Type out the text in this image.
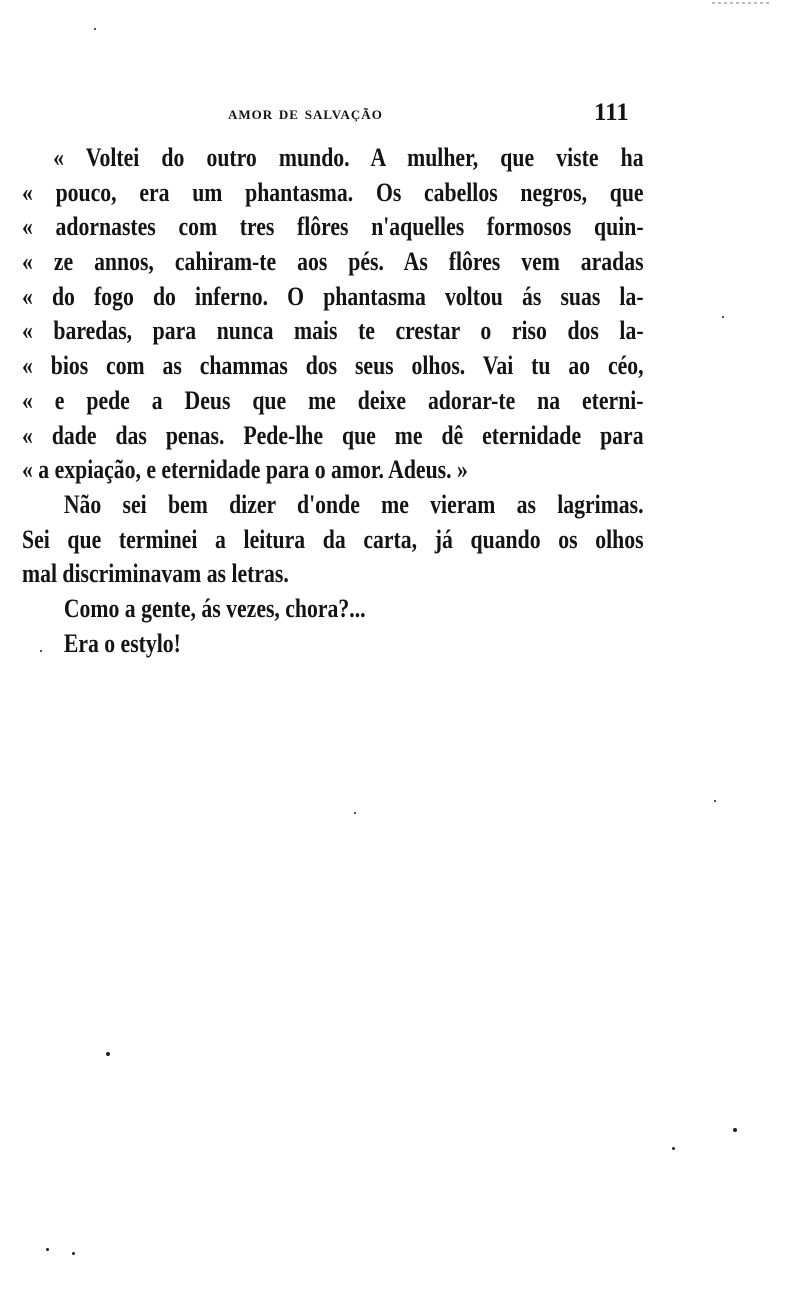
amor de salvação	111
« Voltei do outro mundo. A mulher, que viste ha
« pouco, era um phantasma. Os cabellos negros, que
« adornastes com tres flôres n'aquelles formosos quin-
« ze annos, cahiram-te aos pés. As flôres vem aradas
« do fogo do inferno. O phantasma voltou ás suas la-
« baredas, para nunca mais te crestar o riso dos la-
« bios com as chammas dos seus olhos. Vai tu ao céo,
« e pede a Deus que me deixe adorar-te na eterni-
« dade das penas. Pede-lhe que me dê eternidade para
« a expiação, e eternidade para o amor. Adeus. »
Não sei bem dizer d'onde me vieram as lagrimas.
Sei que terminei a leitura da carta, já quando os olhos
mal discriminavam as letras.
Como a gente, ás vezes, chora?...
Era o estylo!
